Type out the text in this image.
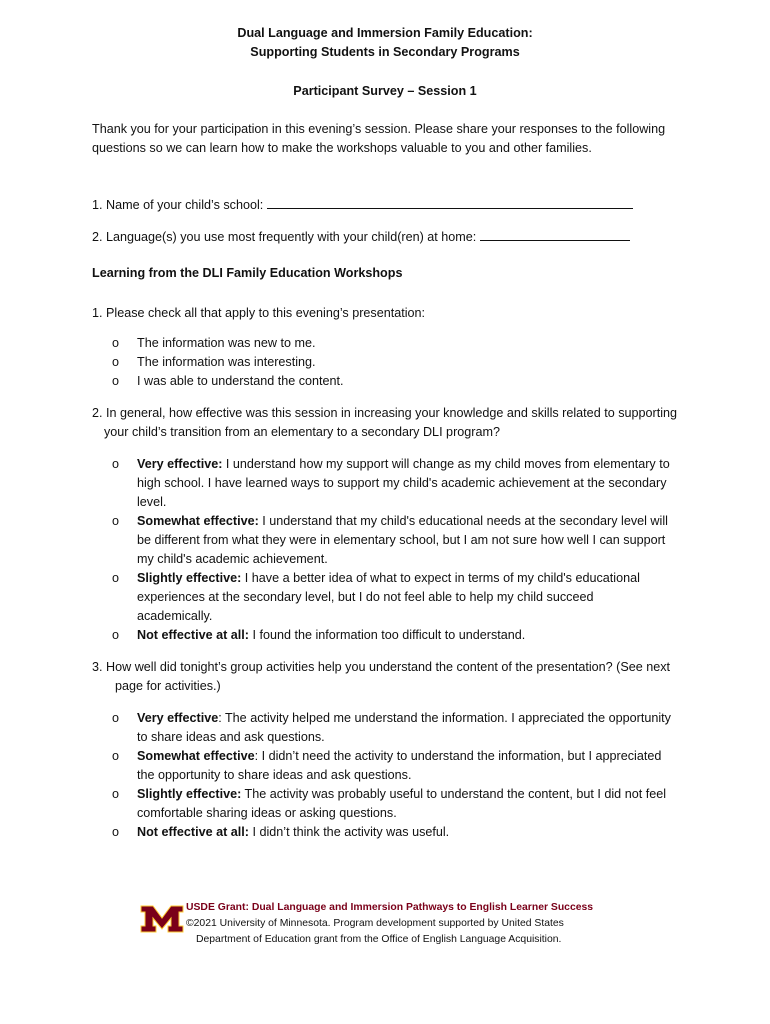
Dual Language and Immersion Family Education:
Supporting Students in Secondary Programs
Participant Survey – Session 1
Thank you for your participation in this evening’s session. Please share your responses to the following questions so we can learn how to make the workshops valuable to you and other families.
1. Name of your child’s school:
2. Language(s) you use most frequently with your child(ren) at home:
Learning from the DLI Family Education Workshops
1. Please check all that apply to this evening’s presentation:
o The information was new to me.
o The information was interesting.
o I was able to understand the content.
2. In general, how effective was this session in increasing your knowledge and skills related to supporting your child’s transition from an elementary to a secondary DLI program?
o Very effective: I understand how my support will change as my child moves from elementary to high school. I have learned ways to support my child's academic achievement at the secondary level.
o Somewhat effective: I understand that my child's educational needs at the secondary level will be different from what they were in elementary school, but I am not sure how well I can support my child's academic achievement.
o Slightly effective: I have a better idea of what to expect in terms of my child's educational experiences at the secondary level, but I do not feel able to help my child succeed academically.
o Not effective at all: I found the information too difficult to understand.
3. How well did tonight’s group activities help you understand the content of the presentation? (See next page for activities.)
o Very effective: The activity helped me understand the information. I appreciated the opportunity to share ideas and ask questions.
o Somewhat effective: I didn’t need the activity to understand the information, but I appreciated the opportunity to share ideas and ask questions.
o Slightly effective: The activity was probably useful to understand the content, but I did not feel comfortable sharing ideas or asking questions.
o Not effective at all: I didn’t think the activity was useful.
USDE Grant: Dual Language and Immersion Pathways to English Learner Success
©2021 University of Minnesota. Program development supported by United States
Department of Education grant from the Office of English Language Acquisition.
